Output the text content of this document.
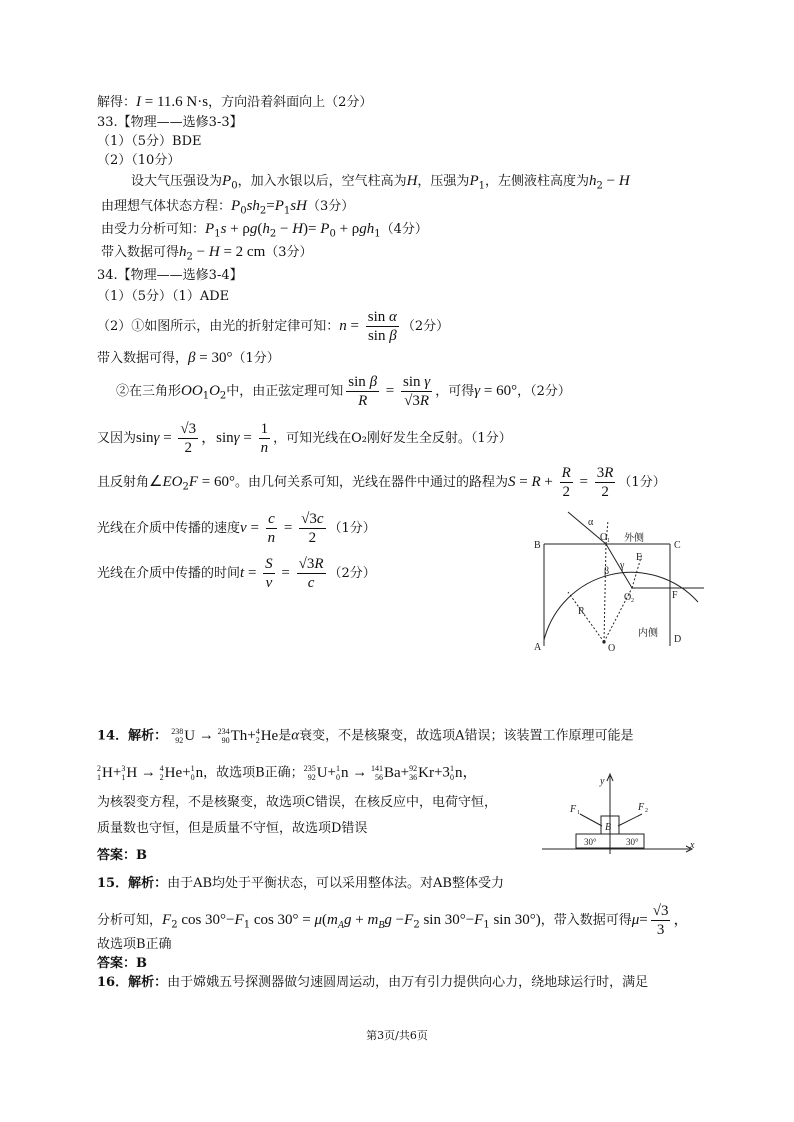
解得：I = 11.6 N·s，方向沿着斜面向上（2分）
33.【物理——选修3-3】
（1）（5分）BDE
（2）（10分）
设大气压强设为$P_0$，加入水银以后，空气柱高为H，压强为$P_1$，左侧液柱高度为$h_2 - H$
由理想气体状态方程：$P_0sh_2=P_1sH(3$分）
由受力分析可知：$P_1s + \rho g(h_2 - H)= P_0 + \rho gh_1(4$分）
带入数据可得$h_2 - H = 2$ cm（3分）
34.【物理——选修3-4】
（1）（5分）（1）ADE
（2）①如图所示，由光的折射定律可知：$n = \frac{\text{sin α}}{\text{sin β}} (2$分）
带入数据可得，β = 30°（1分）
②在三角形$OO_1O_2$中，由正弦定理可知 $\frac{\text{sin β}}{R} = \frac{\text{sin γ}}{√3R}$ ，可得γ = 60°，（2分）
又因为$\sin\gamma = \frac{√3}{2}$ ，$\sin\gamma = \frac{1}{n}$ ，可知光线在O₂刚好发生全反射。（1分）
且反射角$\angle EO_2F = 60^\circ$。由几何关系可知，光线在器件中通过的路程为$S = R + \frac{R}{2} = \frac{3R}{2} (1$分）
光线在介质中传播的速度$v = \frac{c}{n} = \frac{√3c}{2} (1$分）
光线在介质中传播的时间$t = \frac{S}{v} = \frac{√3R}{c} (2$分）
B	C
A
D
F
E
O
O 1
O 2
R
α
β
γ
外侧
内侧
14．解析： 238
92 U → 234
90 Th+ 4
2 He是α衰变，不是核聚变，故选项A错误；该装置工作原理可能是
2
1 H+ 3
1 H → 4
2 He+ 1
0 n，故选项B正确； 235
92 U+ 1
0 n → 141
56 Ba+ 92
36 Kr+3 1
0 n，
为核裂变方程，不是核聚变，故选项C错误，在核反应中，电荷守恒，
质量数也守恒，但是质量不守恒，故选项D错误
答案：B
y
x
F 1	F 2
B
30°	30°
15．解析：由于AB均处于平衡状态，可以采用整体法。对AB整体受力
分析可知，$F_2$ $\cos 30^\circ-F_1$ $\cos 30^\circ = \mu(m_Ag + m_Bg -F_2$ $\sin 30^\circ-F_1$ sin 30°)，带入数据可得$\mu= \frac{√3}{3}$ ，
故选项B正确
答案：B
16．解析：由于嫦娥五号探测器做匀速圆周运动，由万有引力提供向心力，绕地球运行时，满足
第3页/共6页
